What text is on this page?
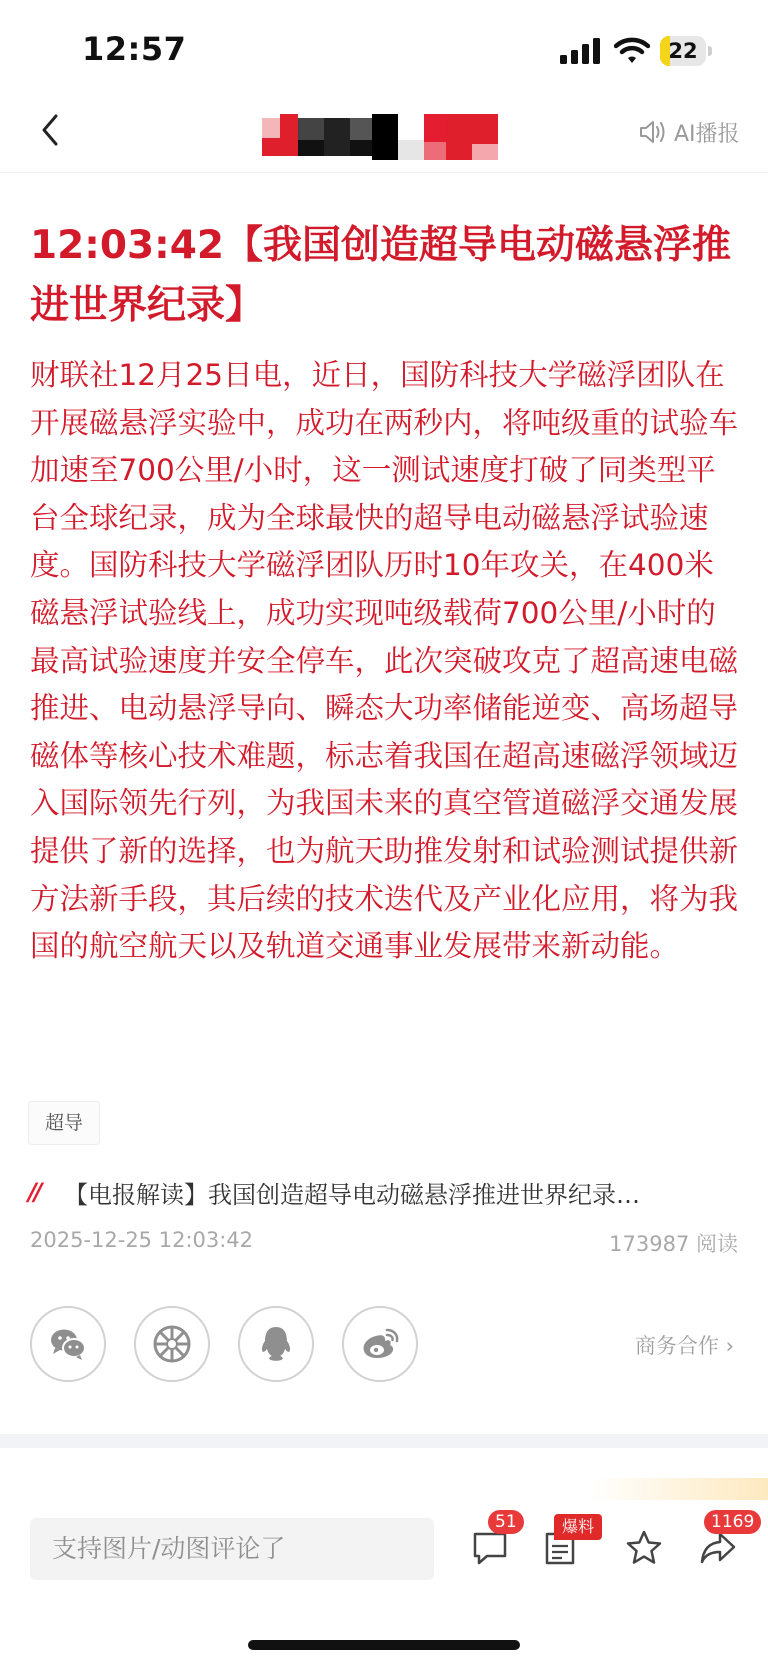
12:57	22
AI播报
12:03:42【我国创造超导电动磁悬浮推进世界纪录】

财联社12月25日电，近日，国防科技大学磁浮团队在开展磁悬浮实验中，成功在两秒内，将吨级重的试验车加速至700公里/小时，这一测试速度打破了同类型平台全球纪录，成为全球最快的超导电动磁悬浮试验速度。国防科技大学磁浮团队历时10年攻关，在400米磁悬浮试验线上，成功实现吨级载荷700公里/小时的最高试验速度并安全停车，此次突破攻克了超高速电磁推进、电动悬浮导向、瞬态大功率储能逆变、高场超导磁体等核心技术难题，标志着我国在超高速磁浮领域迈入国际领先行列，为我国未来的真空管道磁浮交通发展提供了新的选择，也为航天助推发射和试验测试提供新方法新手段，其后续的技术迭代及产业化应用，将为我国的航空航天以及轨道交通事业发展带来新动能。

超导
//	【电报解读】我国创造超导电动磁悬浮推进世界纪录…
2025-12-25 12:03:42	173987 阅读
商务合作 ›
支持图片/动图评论了
51	爆料	1169
